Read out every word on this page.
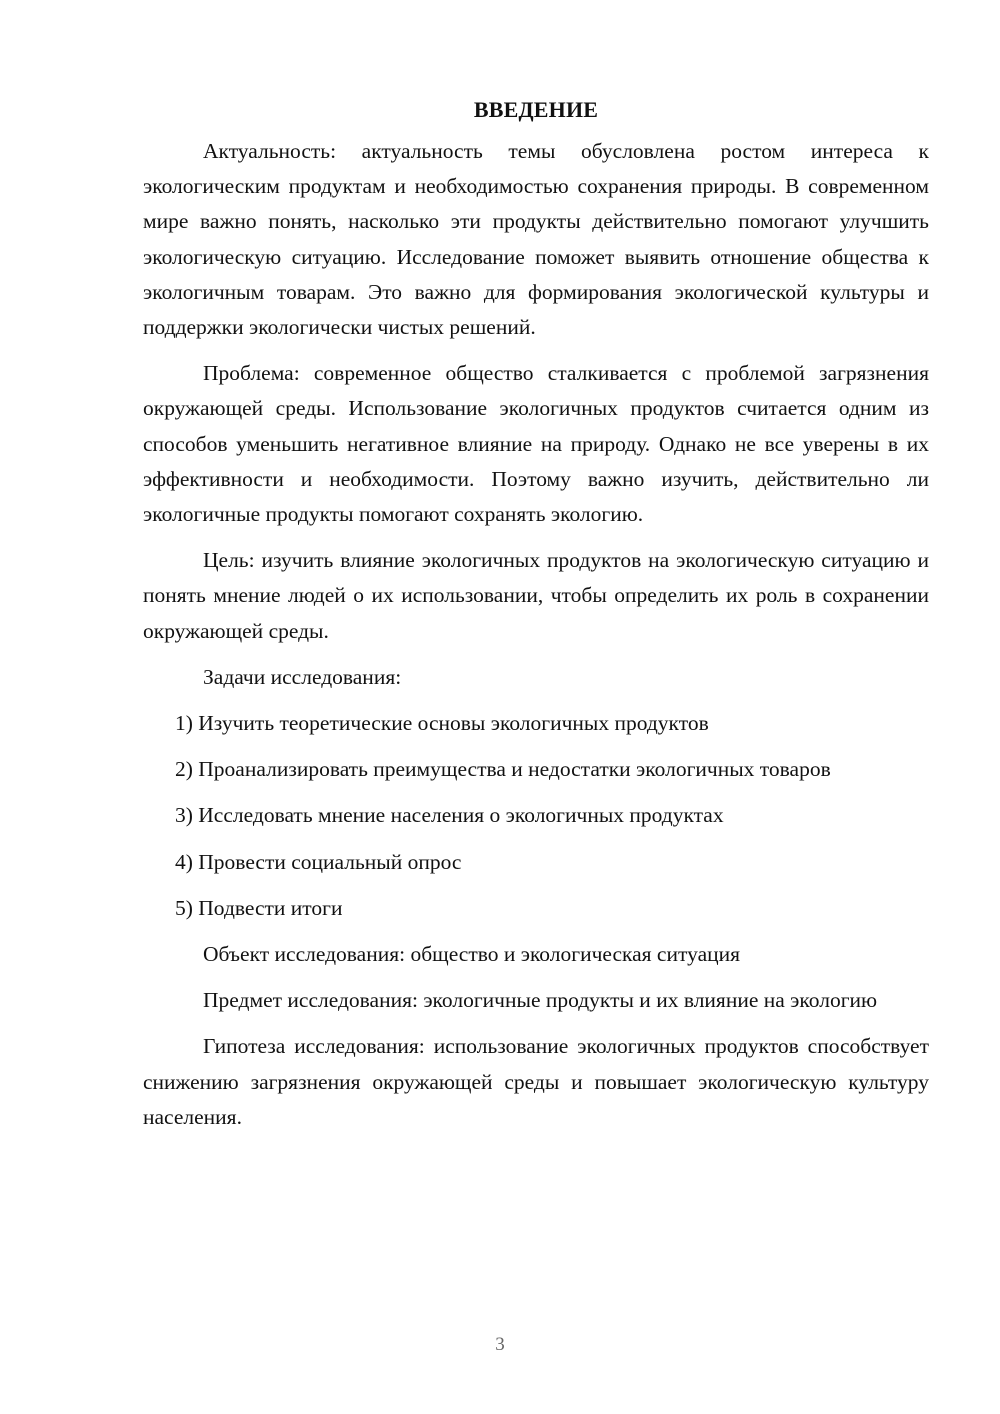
ВВЕДЕНИЕ

Актуальность: актуальность темы обусловлена ростом интереса к экологическим продуктам и необходимостью сохранения природы. В современном мире важно понять, насколько эти продукты действительно помогают улучшить экологическую ситуацию. Исследование поможет выявить отношение общества к экологичным товарам. Это важно для формирования экологической культуры и поддержки экологически чистых решений.

Проблема: современное общество сталкивается с проблемой загрязнения окружающей среды. Использование экологичных продуктов считается одним из способов уменьшить негативное влияние на природу. Однако не все уверены в их эффективности и необходимости. Поэтому важно изучить, действительно ли экологичные продукты помогают сохранять экологию.

Цель: изучить влияние экологичных продуктов на экологическую ситуацию и понять мнение людей о их использовании, чтобы определить их роль в сохранении окружающей среды.

Задачи исследования:

1) Изучить теоретические основы экологичных продуктов

2) Проанализировать преимущества и недостатки экологичных товаров

3) Исследовать мнение населения о экологичных продуктах

4) Провести социальный опрос

5) Подвести итоги

Объект исследования: общество и экологическая ситуация

Предмет исследования: экологичные продукты и их влияние на экологию

Гипотеза исследования: использование экологичных продуктов способствует снижению загрязнения окружающей среды и повышает экологическую культуру населения.

3
